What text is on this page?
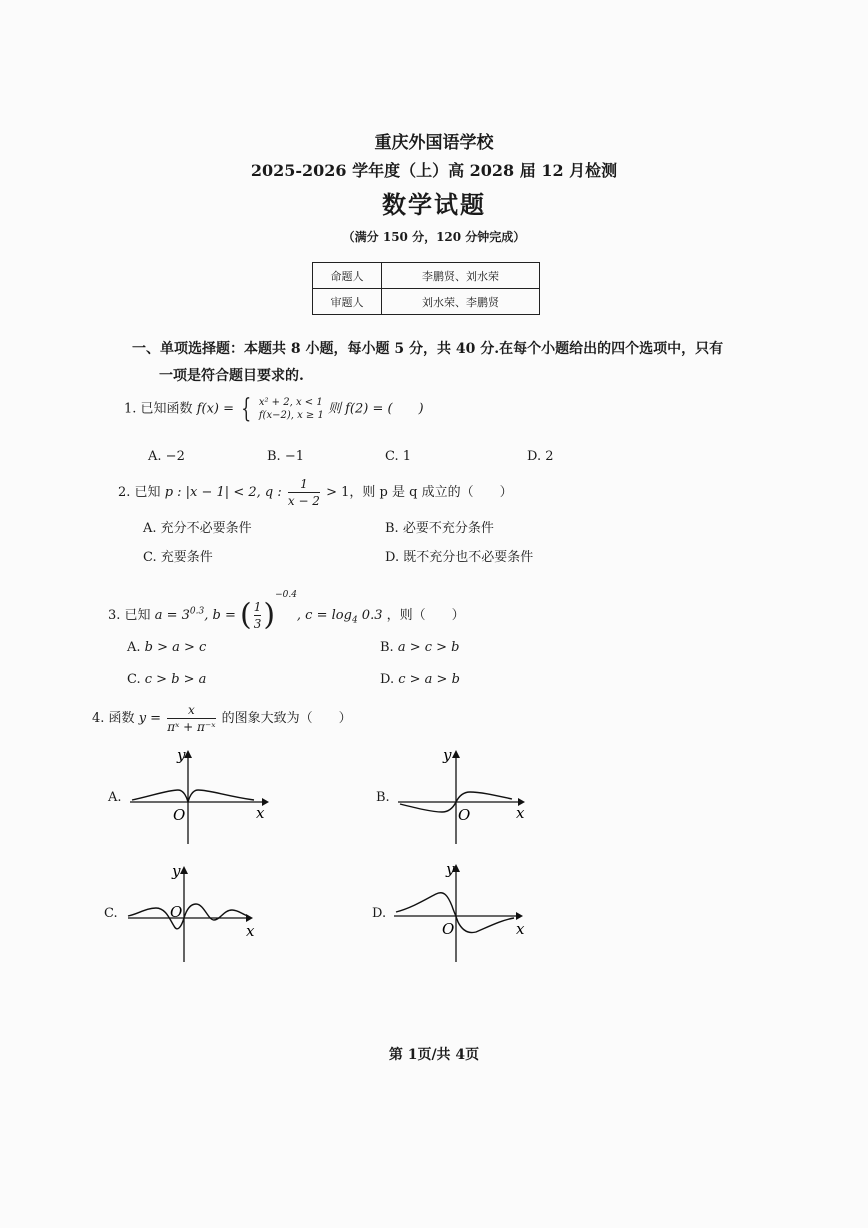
重庆外国语学校
2025-2026 学年度（上）高 2028 届 12 月检测
数学试题
（满分 150 分，120 分钟完成）
命题人	李鹏贤、刘水荣
审题人	刘水荣、李鹏贤
一、单项选择题：本题共 8 小题，每小题 5 分，共 40 分.在每个小题给出的四个选项中，只有
一项是符合题目要求的.
1. 已知函数 f(x) = { x² + 2, x < 1
f(x−2), x ≥ 1 则 f(2) = (　　)
A. −2	B. −1	C. 1	D. 2
2. 已知 p : |x − 1| < 2, q : $\frac{1}{x - 2} > 1$，则 p 是 q 成立的（　　）
A. 充分不必要条件	B. 必要不充分条件
C. 充要条件	D. 既不充分也不必要条件
3. 已知 $a = 3^{0.3}$, b = ( $\frac{1}{3} )^{-0.4}$, $c = \log_4 0.3$ ，则（　　）
A. b > a > c	B. a > c > b
C. c > b > a	D. c > a > b
4. 函数 $y = \frac{x}{\text{πˣ + π⁻ˣ}}$ 的图象大致为（　　）
A.
y
x
O
B.
y
x
O
C.
y
x
O	D.
y
x
O
第 1页/共 4页
